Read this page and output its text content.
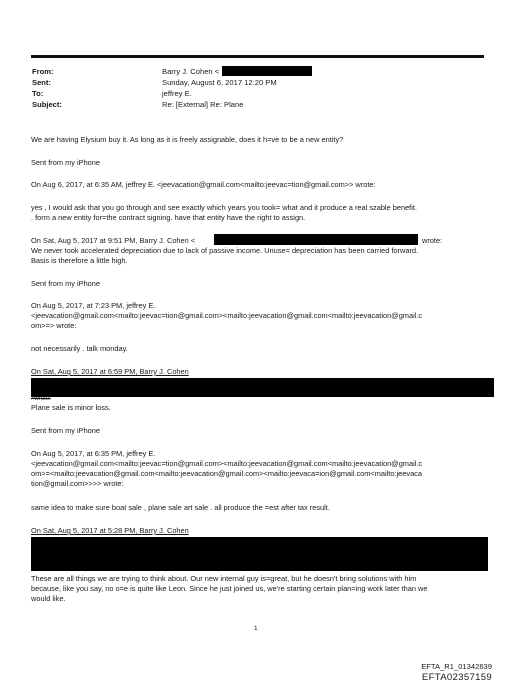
From:	Barry J. Cohen <
Sent:	Sunday, August 6, 2017 12:20 PM
To:	jeffrey E.
Subject:	Re: [External] Re: Plane
We are having Elysium buy it. As long as it is freely assignable, does it h=ve to be a new entity?
Sent from my iPhone
On Aug 6, 2017, at 6:35 AM, jeffrey E. <jeevacation@gmail.com<mailto:jeevac=tion@gmail.com>> wrote:
yes , I would ask that you go through and see exactly which years you took= what and it produce a real szable benefit.
. form a new entity for=the contract signing. have that entity have the right to assign.
On Sat, Aug 5, 2017 at 9:51 PM, Barry J. Cohen <	wrote:
We never took accelerated depreciation due to lack of passive income. Unuse= depreciation has been carried forward.
Basis is therefore a little high.
Sent from my iPhone
On Aug 5, 2017, at 7:23 PM, jeffrey E.
<jeevacation@gmail.com<mailto:jeevac=tion@gmail.com><mailto:jeevacation@gmail.com<mailto:jeevacation@gmail.c
om>=> wrote:
not necessarily . talk monday.
On Sat, Aug 5, 2017 at 6:59 PM, Barry J. Cohen
>wrote:
Plane sale is minor loss.
Sent from my iPhone
On Aug 5, 2017, at 6:35 PM, jeffrey E.
<jeevacation@gmail.com<mailto:jeevac=tion@gmail.com><mailto:jeevacation@gmail.com<mailto:jeevacation@gmail.c
om>=<mailto:jeevacation@gmail.com<mailto:jeevacation@gmail.com><mailto:jeevaca=ion@gmail.com<mailto:jeevaca
tion@gmail.com>>>> wrote:
same idea to make sure boat sale , plane sale art sale . all produce the =est after tax result.
On Sat, Aug 5, 2017 at 5:28 PM, Barry J. Cohen
These are all things we are trying to think about. Our new internal guy is=great, but he doesn't bring solutions with him
because, like you say, no o=e is quite like Leon. Since he just joined us, we're starting certain plan=ing work later than we
would like.
1
EFTA_R1_01342639
EFTA02357159
